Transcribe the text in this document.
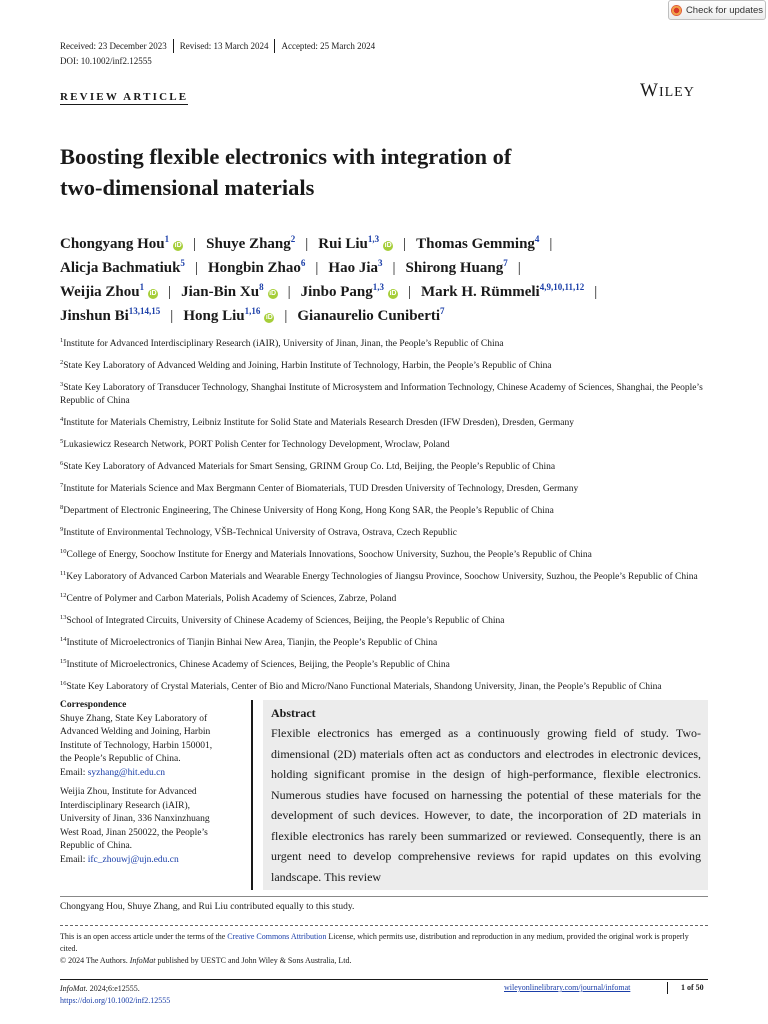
Check for updates
Received: 23 December 2023 Revised: 13 March 2024 Accepted: 25 March 2024
DOI: 10.1002/inf2.12555
REVIEW ARTICLE	WILEY
Boosting flexible electronics with integration of
two-dimensional materials
Chongyang Hou$^1$iD | Shuye Zhang$^2$ | Rui Liu$^{1,3}$iD | Thomas Gemming$^4$ |
Alicja Bachmatiuk$^5$ | Hongbin Zhao$^6$ | Hao Jia$^3$ | Shirong Huang$^7$ |
Weijia Zhou$^1$iD | Jian-Bin Xu$^8$iD | Jinbo Pang$^{1,3}$iD | Mark H. Rümmeli$^{4,9,10,11,12}$ |
Jinshun Bi$^{13,14,15}$ | Hong Liu$^{1,16}$iD | Gianaurelio Cuniberti$^7$
$^1$Institute for Advanced Interdisciplinary Research (iAIR), University of Jinan, Jinan, the People’s Republic of China
$^2$State Key Laboratory of Advanced Welding and Joining, Harbin Institute of Technology, Harbin, the People’s Republic of China
$^3$State Key Laboratory of Transducer Technology, Shanghai Institute of Microsystem and Information Technology, Chinese Academy of Sciences, Shanghai, the People’s Republic of China
$^4$Institute for Materials Chemistry, Leibniz Institute for Solid State and Materials Research Dresden (IFW Dresden), Dresden, Germany
$^5$Lukasiewicz Research Network, PORT Polish Center for Technology Development, Wroclaw, Poland
$^6$State Key Laboratory of Advanced Materials for Smart Sensing, GRINM Group Co. Ltd, Beijing, the People’s Republic of China
$^7$Institute for Materials Science and Max Bergmann Center of Biomaterials, TUD Dresden University of Technology, Dresden, Germany
$^8$Department of Electronic Engineering, The Chinese University of Hong Kong, Hong Kong SAR, the People’s Republic of China
$^9$Institute of Environmental Technology, VŠB-Technical University of Ostrava, Ostrava, Czech Republic
$^{10}$College of Energy, Soochow Institute for Energy and Materials Innovations, Soochow University, Suzhou, the People’s Republic of China
$^{11}$Key Laboratory of Advanced Carbon Materials and Wearable Energy Technologies of Jiangsu Province, Soochow University, Suzhou, the People’s Republic of China
$^{12}$Centre of Polymer and Carbon Materials, Polish Academy of Sciences, Zabrze, Poland
$^{13}$School of Integrated Circuits, University of Chinese Academy of Sciences, Beijing, the People’s Republic of China
$^{14}$Institute of Microelectronics of Tianjin Binhai New Area, Tianjin, the People’s Republic of China
$^{15}$Institute of Microelectronics, Chinese Academy of Sciences, Beijing, the People’s Republic of China
$^{16}$State Key Laboratory of Crystal Materials, Center of Bio and Micro/Nano Functional Materials, Shandong University, Jinan, the People’s Republic of China
Correspondence
Shuye Zhang, State Key Laboratory of
Advanced Welding and Joining, Harbin
Institute of Technology, Harbin 150001,
the People’s Republic of China.
Email: syzhang@hit.edu.cn
Weijia Zhou, Institute for Advanced
Interdisciplinary Research (iAIR),
University of Jinan, 336 Nanxinzhuang
West Road, Jinan 250022, the People’s
Republic of China.
Email: ifc_zhouwj@ujn.edu.cn
Abstract
Flexible electronics has emerged as a continuously growing field of study. Two-dimensional (2D) materials often act as conductors and electrodes in electronic devices, holding significant promise in the design of high-performance, flexible electronics. Numerous studies have focused on harnessing the potential of these materials for the development of such devices. However, to date, the incorporation of 2D materials in flexible electronics has rarely been summarized or reviewed. Consequently, there is an urgent need to develop comprehensive reviews for rapid updates on this evolving landscape. This review
Chongyang Hou, Shuye Zhang, and Rui Liu contributed equally to this study.
This is an open access article under the terms of the Creative Commons Attribution License, which permits use, distribution and reproduction in any medium, provided the original work is properly cited.
© 2024 The Authors. InfoMat published by UESTC and John Wiley & Sons Australia, Ltd.
InfoMat. 2024;6:e12555.
https://doi.org/10.1002/inf2.12555
wileyonlinelibrary.com/journal/infomat	1 of 50
